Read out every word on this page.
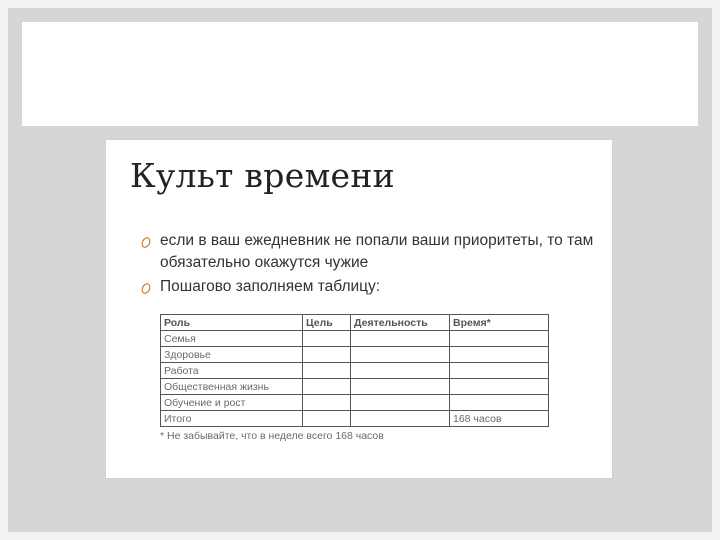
Культ времени
если в ваш ежедневник не попали ваши приоритеты, то там обязательно окажутся чужие
Пошагово заполняем таблицу:
Роль	Цель	Деятельность	Время*
Семья			
Здоровье			
Работа			
Общественная жизнь			
Обучение и рост			
Итого			168 часов
* Не забывайте, что в неделе всего 168 часов
